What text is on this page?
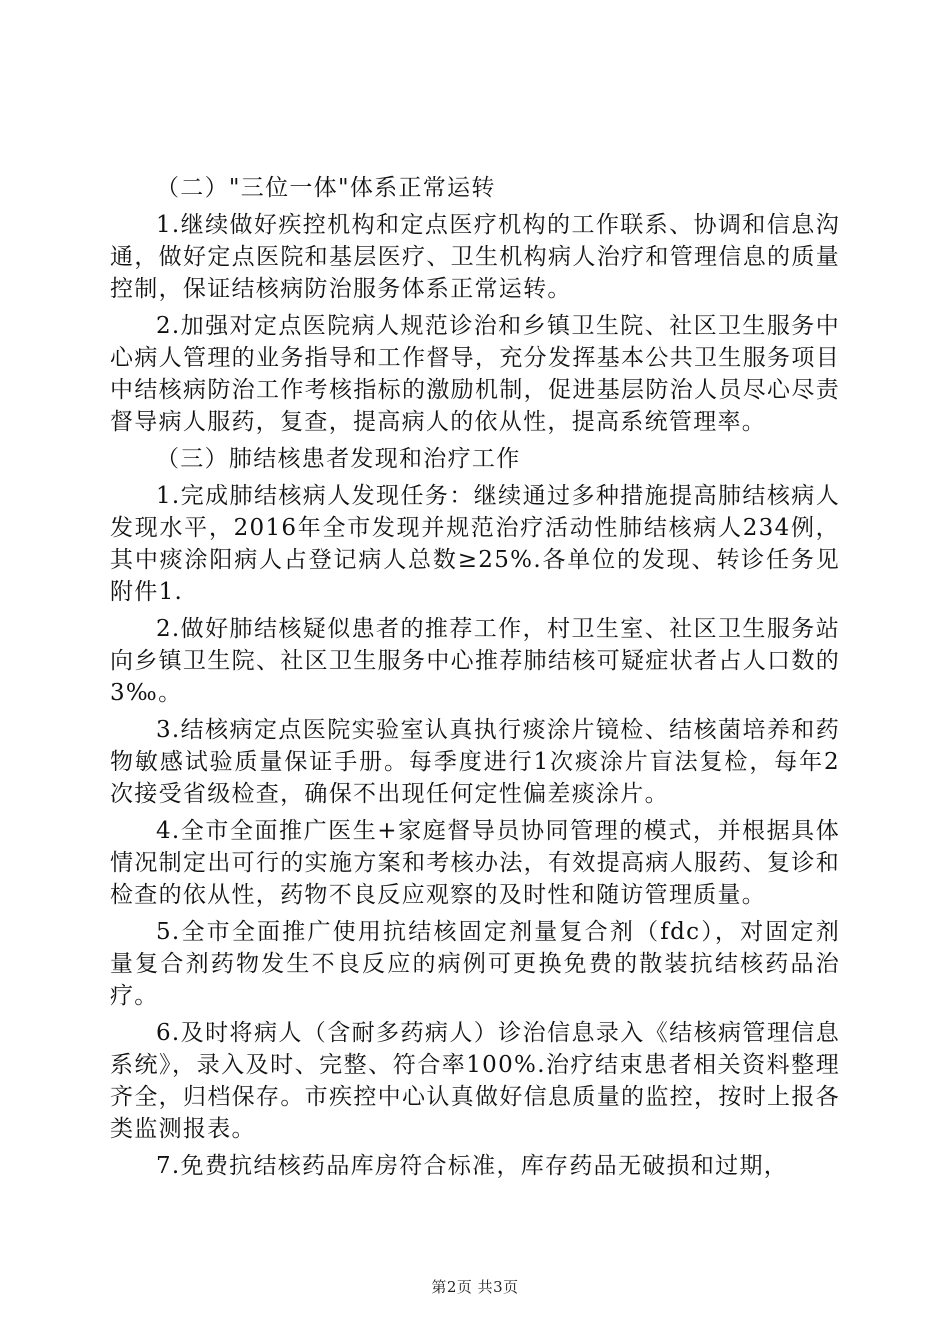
（二）"三位一体"体系正常运转

1.继续做好疾控机构和定点医疗机构的工作联系、协调和信息沟通，做好定点医院和基层医疗、卫生机构病人治疗和管理信息的质量控制，保证结核病防治服务体系正常运转。

2.加强对定点医院病人规范诊治和乡镇卫生院、社区卫生服务中心病人管理的业务指导和工作督导，充分发挥基本公共卫生服务项目中结核病防治工作考核指标的激励机制，促进基层防治人员尽心尽责督导病人服药，复查，提高病人的依从性，提高系统管理率。

（三）肺结核患者发现和治疗工作

1.完成肺结核病人发现任务：继续通过多种措施提高肺结核病人发现水平，2016年全市发现并规范治疗活动性肺结核病人234例，其中痰涂阳病人占登记病人总数≥25%.各单位的发现、转诊任务见附件1.

2.做好肺结核疑似患者的推荐工作，村卫生室、社区卫生服务站向乡镇卫生院、社区卫生服务中心推荐肺结核可疑症状者占人口数的3‰。

3.结核病定点医院实验室认真执行痰涂片镜检、结核菌培养和药物敏感试验质量保证手册。每季度进行1次痰涂片盲法复检，每年2次接受省级检查，确保不出现任何定性偏差痰涂片。

4.全市全面推广医生+家庭督导员协同管理的模式，并根据具体情况制定出可行的实施方案和考核办法，有效提高病人服药、复诊和检查的依从性，药物不良反应观察的及时性和随访管理质量。

5.全市全面推广使用抗结核固定剂量复合剂（fdc），对固定剂量复合剂药物发生不良反应的病例可更换免费的散装抗结核药品治疗。

6.及时将病人（含耐多药病人）诊治信息录入《结核病管理信息系统》，录入及时、完整、符合率100%.治疗结束患者相关资料整理齐全，归档保存。市疾控中心认真做好信息质量的监控，按时上报各类监测报表。

7.免费抗结核药品库房符合标准，库存药品无破损和过期，

第2页 共3页
